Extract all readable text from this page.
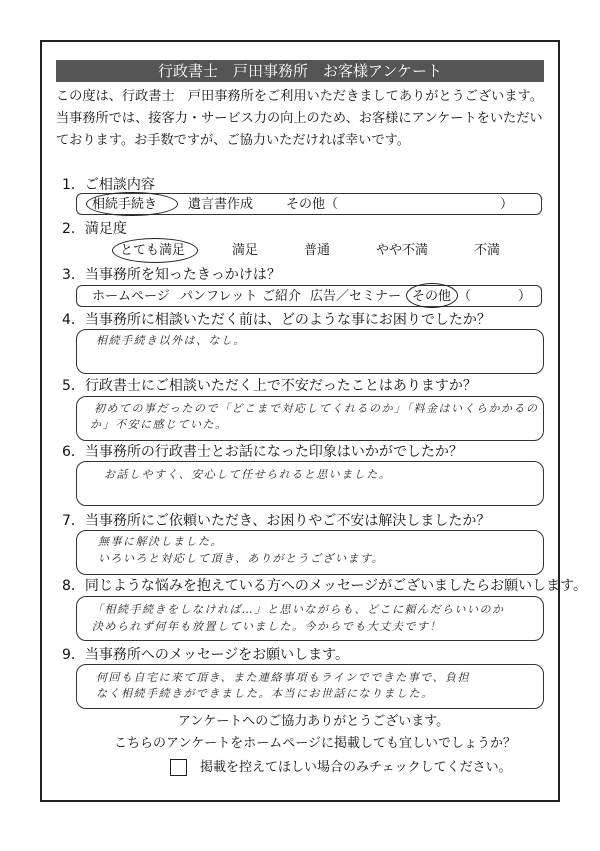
行政書士　戸田事務所　お客様アンケート
この度は、行政書士　戸田事務所をご利用いただきましてありがとうございます。
当事務所では、接客力・サービス力の向上のため、お客様にアンケートをいただい
ております。お手数ですが、ご協力いただければ幸いです。
1．ご相談内容
相続手続き 遺言書作成	その他（	）
2．満足度
とても満足	満足	普通	やや不満	不満
3．当事務所を知ったきっかけは？
ホームページ パンフレット ご紹介 広告／セミナー その他 （	）
4．当事務所に相談いただく前は、どのような事にお困りでしたか？
相続手続き以外は、なし。
5．行政書士にご相談いただく上で不安だったことはありますか？
初めての事だったので「どこまで対応してくれるのか」「料金はいくらかかるの
か」不安に感じていた。
6．当事務所の行政書士とお話になった印象はいかがでしたか？
お話しやすく、安心して任せられると思いました。
7．当事務所にご依頼いただき、お困りやご不安は解決しましたか？
無事に解決しました。
いろいろと対応して頂き、ありがとうございます。
8．同じような悩みを抱えている方へのメッセージがございましたらお願いします。
「相続手続きをしなければ…」と思いながらも、どこに頼んだらいいのか
決められず何年も放置していました。今からでも大丈夫です！
9．当事務所へのメッセージをお願いします。
何回も自宅に来て頂き、また連絡事項もラインでできた事で、負担
なく相続手続きができました。本当にお世話になりました。
アンケートへのご協力ありがとうございます。
こちらのアンケートをホームページに掲載しても宜しいでしょうか？
掲載を控えてほしい場合のみチェックしてください。
